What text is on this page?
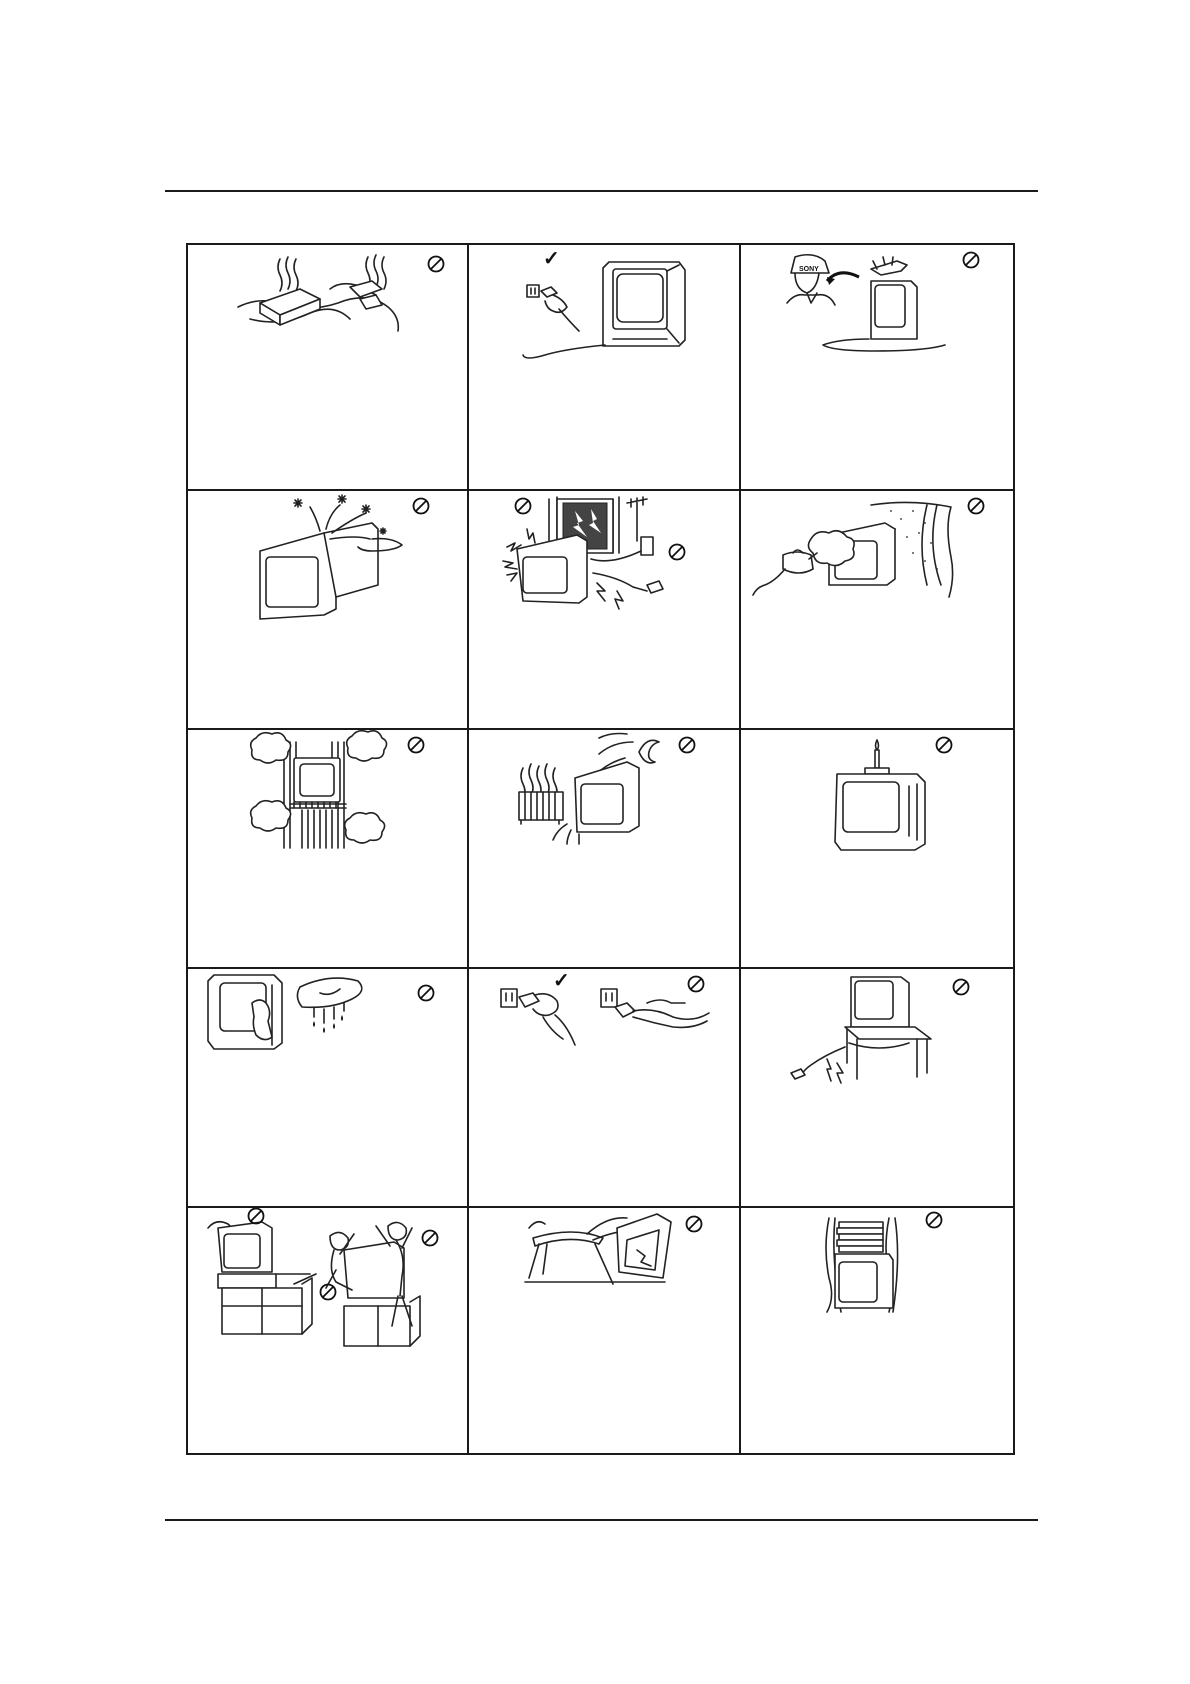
✓	SONY
✓
